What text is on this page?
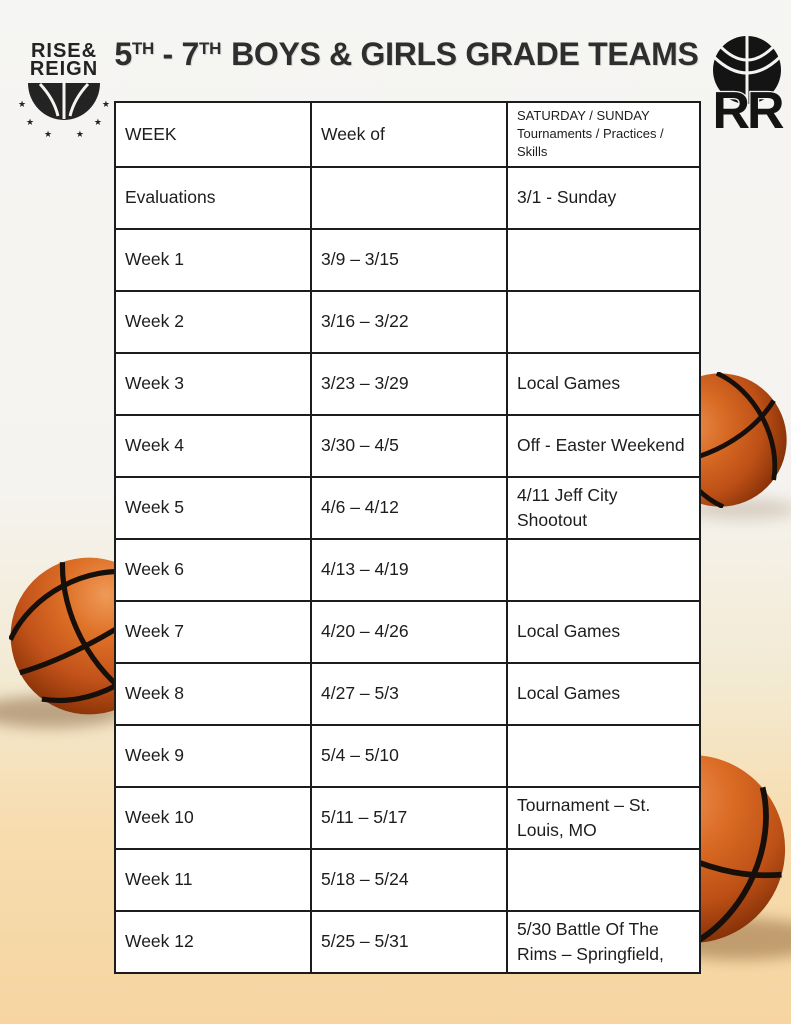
RISE&
REIGN
★
★
★
★
★	★
5TH - 7TH BOYS & GIRLS GRADE TEAMS
RR
WEEK	Week of	SATURDAY / SUNDAY Tournaments / Practices / Skills
Evaluations		3/1 - Sunday
Week 1	3/9 – 3/15	
Week 2	3/16 – 3/22	
Week 3	3/23 – 3/29	Local Games
Week 4	3/30 – 4/5	Off - Easter Weekend
Week 5	4/6 – 4/12	4/11 Jeff City Shootout
Week 6	4/13 – 4/19	
Week 7	4/20 – 4/26	Local Games
Week 8	4/27 – 5/3	Local Games
Week 9	5/4 – 5/10	
Week 10	5/11 – 5/17	Tournament – St. Louis, MO
Week 11	5/18 – 5/24	
Week 12	5/25 – 5/31	5/30 Battle Of The Rims – Springfield,
